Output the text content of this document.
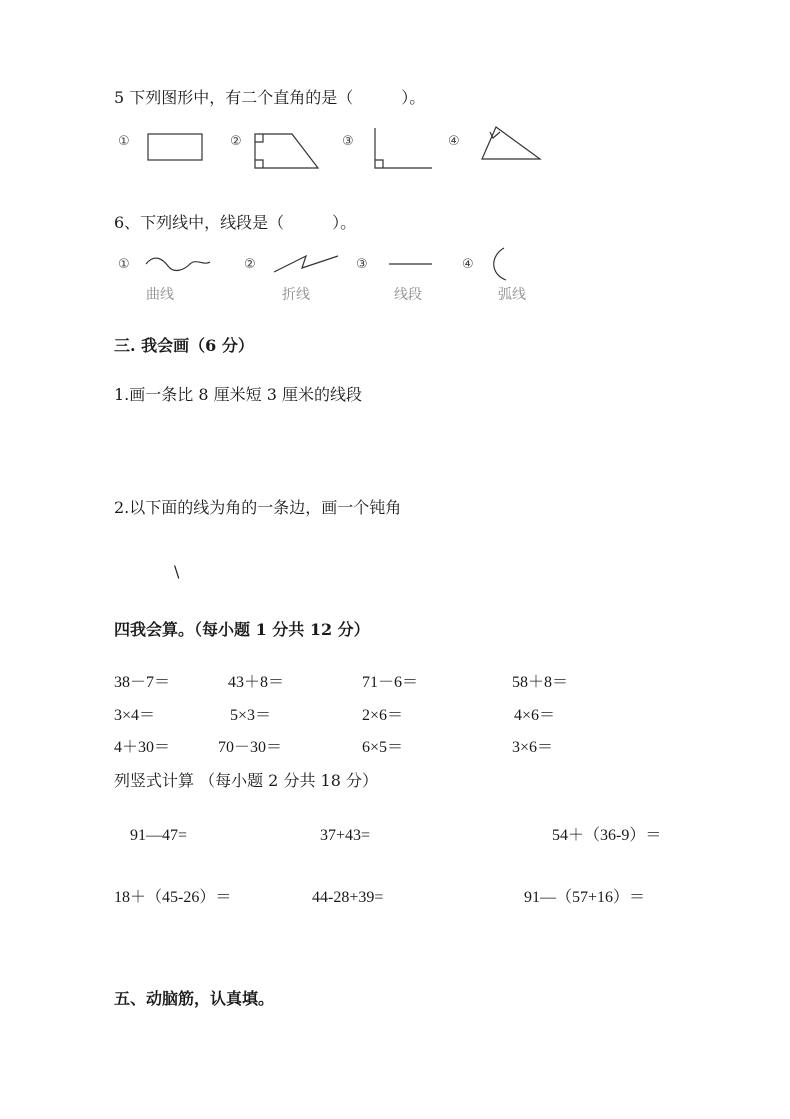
5 下列图形中，有二个直角的是（　　　）。
①	②	③	④
6、下列线中，线段是（　　　）。
①
曲线
②
折线
③
线段
④
弧线
三. 我会画（6 分）
1.画一条比 8 厘米短 3 厘米的线段
2.以下面的线为角的一条边，画一个钝角
\
四我会算。（每小题 1 分共 12 分）
38－7＝	43＋8＝	71－6＝	58＋8＝
3×4＝	5×3＝	2×6＝	4×6＝
4＋30＝	70－30＝	6×5＝	3×6＝
列竖式计算 （每小题 2 分共 18 分）
91—47=	37+43=	54＋（36-9）＝
18＋（45-26）＝	44-28+39=	91—（57+16）＝
五、动脑筋，认真填。
